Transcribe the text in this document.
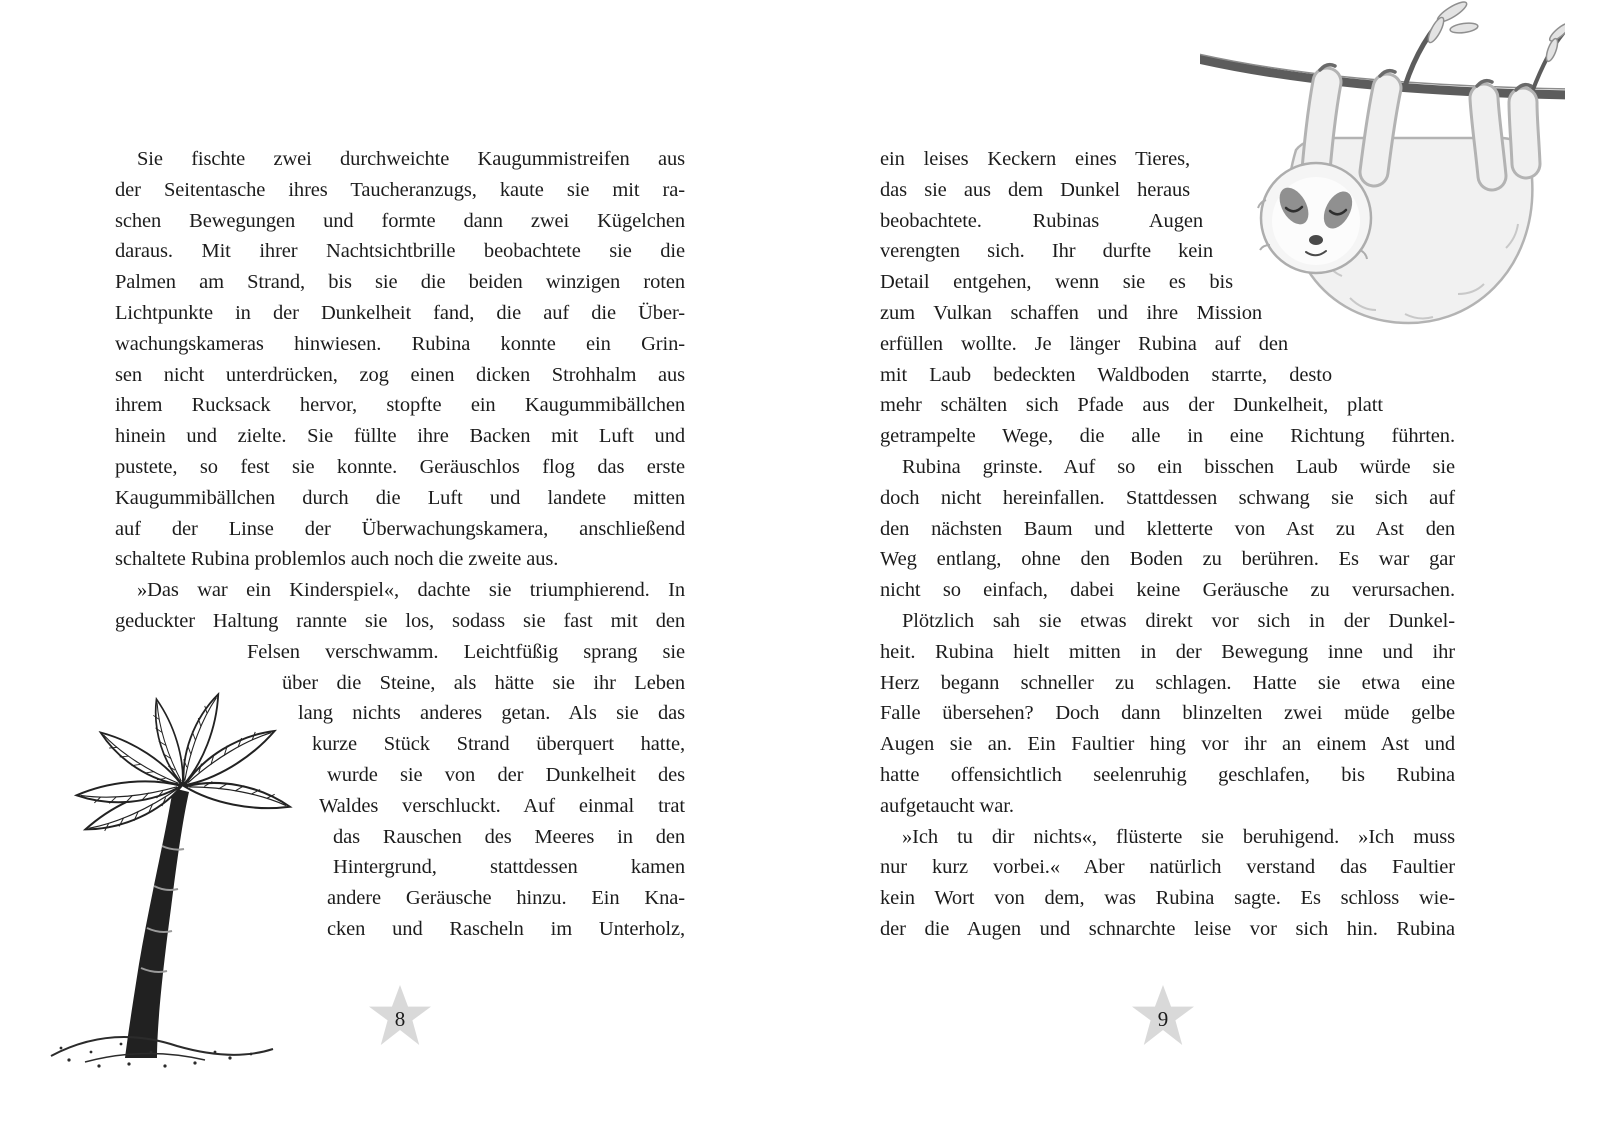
Sie fischte zwei durchweichte Kaugummistreifen aus
der Seitentasche ihres Taucheranzugs, kaute sie mit ra-
schen Bewegungen und formte dann zwei Kügelchen
daraus. Mit ihrer Nachtsichtbrille beobachtete sie die
Palmen am Strand, bis sie die beiden winzigen roten
Lichtpunkte in der Dunkelheit fand, die auf die Über-
wachungskameras hinwiesen. Rubina konnte ein Grin-
sen nicht unterdrücken, zog einen dicken Strohhalm aus
ihrem Rucksack hervor, stopfte ein Kaugummibällchen
hinein und zielte. Sie füllte ihre Backen mit Luft und
pustete, so fest sie konnte. Geräuschlos flog das erste
Kaugummibällchen durch die Luft und landete mitten
auf der Linse der Überwachungskamera, anschließend
schaltete Rubina problemlos auch noch die zweite aus.
»Das war ein Kinderspiel«, dachte sie triumphierend. In
geduckter Haltung rannte sie los, sodass sie fast mit den
Felsen verschwamm. Leichtfüßig sprang sie
über die Steine, als hätte sie ihr Leben
lang nichts anderes getan. Als sie das
kurze Stück Strand überquert hatte,
wurde sie von der Dunkelheit des
Waldes verschluckt. Auf einmal trat
das Rauschen des Meeres in den
Hintergrund, stattdessen kamen
andere Geräusche hinzu. Ein Kna-
cken und Rascheln im Unterholz,
ein leises Keckern eines Tieres,
das sie aus dem Dunkel heraus
beobachtete. Rubinas Augen
verengten sich. Ihr durfte kein
Detail entgehen, wenn sie es bis
zum Vulkan schaffen und ihre Mission
erfüllen wollte. Je länger Rubina auf den
mit Laub bedeckten Waldboden starrte, desto
mehr schälten sich Pfade aus der Dunkelheit, platt
getrampelte Wege, die alle in eine Richtung führten.
Rubina grinste. Auf so ein bisschen Laub würde sie
doch nicht hereinfallen. Stattdessen schwang sie sich auf
den nächsten Baum und kletterte von Ast zu Ast den
Weg entlang, ohne den Boden zu berühren. Es war gar
nicht so einfach, dabei keine Geräusche zu verursachen.
Plötzlich sah sie etwas direkt vor sich in der Dunkel-
heit. Rubina hielt mitten in der Bewegung inne und ihr
Herz begann schneller zu schlagen. Hatte sie etwa eine
Falle übersehen? Doch dann blinzelten zwei müde gelbe
Augen sie an. Ein Faultier hing vor ihr an einem Ast und
hatte offensichtlich seelenruhig geschlafen, bis Rubina
aufgetaucht war.
»Ich tu dir nichts«, flüsterte sie beruhigend. »Ich muss
nur kurz vorbei.« Aber natürlich verstand das Faultier
kein Wort von dem, was Rubina sagte. Es schloss wie-
der die Augen und schnarchte leise vor sich hin. Rubina
8	9
